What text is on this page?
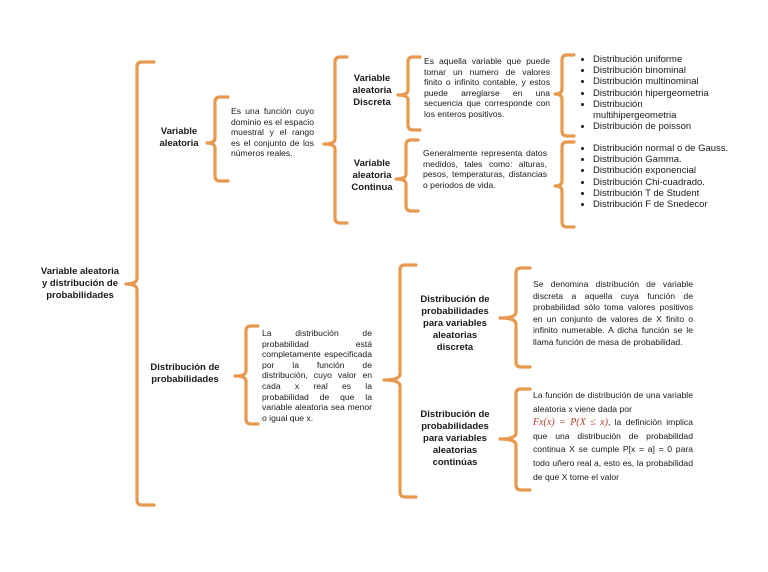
Variable aleatoria y distribución de probabilidades
Variable aleatoria
Es una función cuyo dominio es el espacio muestral y el rango es el conjunto de los números reales.
Variable aleatoria Discreta
Es aquella variable que puede tomar un numero de valores finito o infinito contable, y estos puede arreglarse en una secuencia que corresponde con los enteros positivos.
• Distribución uniforme
• Distribución binominal
• Distribución multinominal
• Distribución hipergeometria
• Distribución multihipergeometria
• Distribución de poisson
Variable aleatoria Continua
Generalmente representa datos medidos, tales como: alturas, pesos, temperaturas, distancias o periodos de vida.
• Distribución normal o de Gauss.
• Distribución Gamma.
• Distribución exponencial
• Distribución Chi-cuadrado.
• Distribución T de Student
• Distribución F de Snedecor
Distribución de probabilidades
La distribución de probabilidad está completamente especificada por la función de distribución, cuyo valor en cada x real es la probabilidad de que la variable aleatoria sea menor o igual que x.
Distribución de probabilidades para variables aleatorias discreta
Se denomina distribución de variable discreta a aquella cuya función de probabilidad sólo toma valores positivos en un conjunto de valores de X finito o infinito numerable. A dicha función se le llama función de masa de probabilidad.
Distribución de probabilidades para variables aleatorias continúas
La función de distribución de una variable aleatoria x viene dada por
Fx(x) = P(X ≤ x), la definición implica que una distribución de probabilidad continua X se cumple P[x = a] = 0 para todo uñero real a, esto es, la probabilidad de que X tome el valor
